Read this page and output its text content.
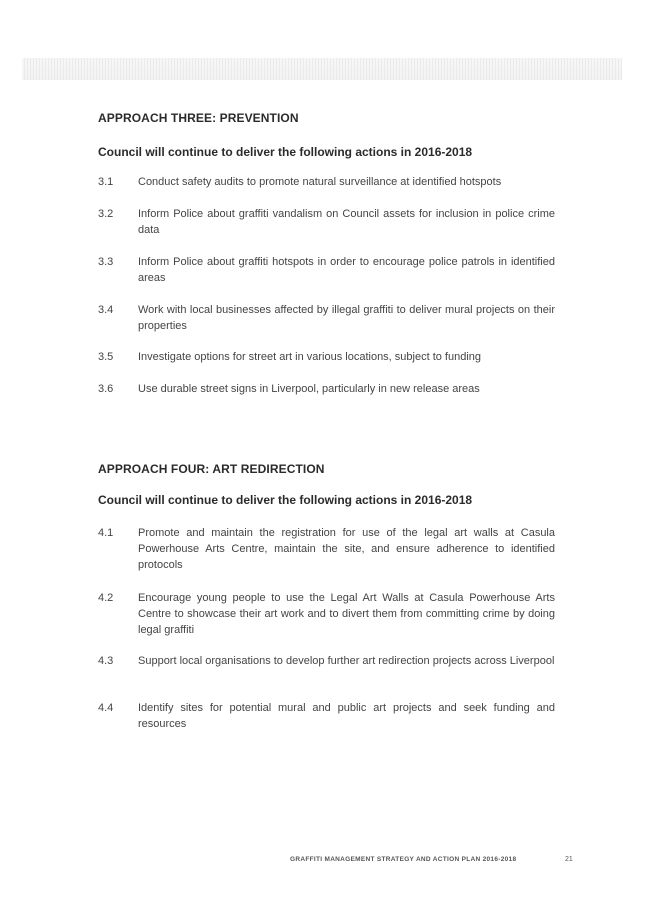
APPROACH THREE: PREVENTION
Council will continue to deliver the following actions in 2016-2018
3.1	Conduct safety audits to promote natural surveillance at identified hotspots
3.2	Inform Police about graffiti vandalism on Council assets for inclusion in police crime data
3.3	Inform Police about graffiti hotspots in order to encourage police patrols in identified areas
3.4	Work with local businesses affected by illegal graffiti to deliver mural projects on their properties
3.5	Investigate options for street art in various locations, subject to funding
3.6	Use durable street signs in Liverpool, particularly in new release areas
APPROACH FOUR: ART REDIRECTION
Council will continue to deliver the following actions in 2016-2018
4.1	Promote and maintain the registration for use of the legal art walls at Casula Powerhouse Arts Centre, maintain the site, and ensure adherence to identified protocols
4.2	Encourage young people to use the Legal Art Walls at Casula Powerhouse Arts Centre to showcase their art work and to divert them from committing crime by doing legal graffiti
4.3	Support local organisations to develop further art redirection projects across Liverpool
4.4	Identify sites for potential mural and public art projects and seek funding and resources
GRAFFITI MANAGEMENT STRATEGY AND ACTION PLAN 2016-2018	21
